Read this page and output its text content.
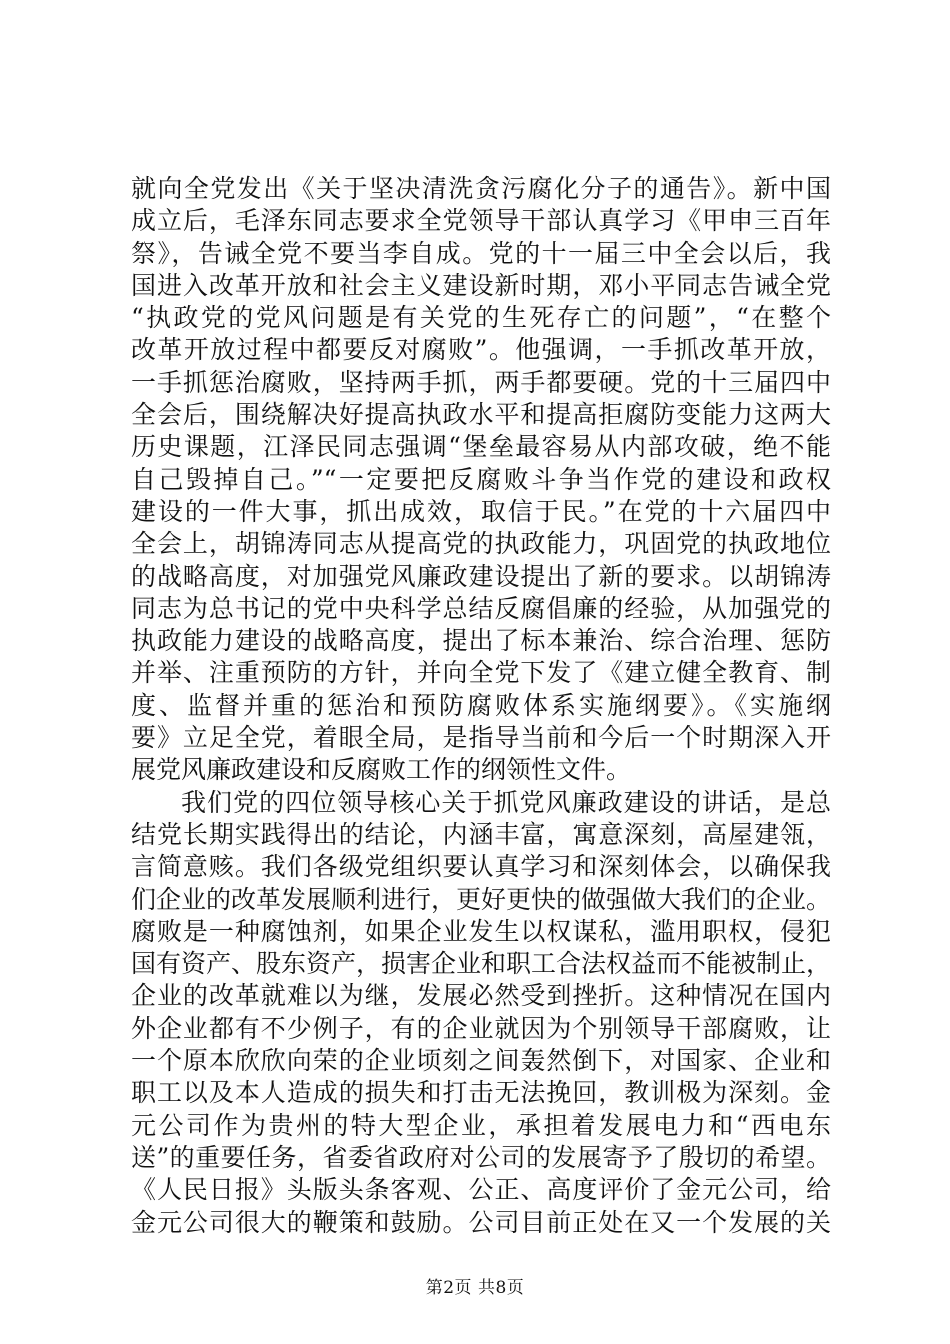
就向全党发出《关于坚决清洗贪污腐化分子的通告》。新中国
成立后，毛泽东同志要求全党领导干部认真学习《甲申三百年
祭》，告诫全党不要当李自成。党的十一届三中全会以后，我
国进入改革开放和社会主义建设新时期，邓小平同志告诫全党
“执政党的党风问题是有关党的生死存亡的问题”，“在整个
改革开放过程中都要反对腐败”。他强调，一手抓改革开放，
一手抓惩治腐败，坚持两手抓，两手都要硬。党的十三届四中
全会后，围绕解决好提高执政水平和提高拒腐防变能力这两大
历史课题，江泽民同志强调“堡垒最容易从内部攻破，绝不能
自己毁掉自己。”“一定要把反腐败斗争当作党的建设和政权
建设的一件大事，抓出成效，取信于民。”在党的十六届四中
全会上，胡锦涛同志从提高党的执政能力，巩固党的执政地位
的战略高度，对加强党风廉政建设提出了新的要求。以胡锦涛
同志为总书记的党中央科学总结反腐倡廉的经验，从加强党的
执政能力建设的战略高度，提出了标本兼治、综合治理、惩防
并举、注重预防的方针，并向全党下发了《建立健全教育、制
度、监督并重的惩治和预防腐败体系实施纲要》。《实施纲
要》立足全党，着眼全局，是指导当前和今后一个时期深入开
展党风廉政建设和反腐败工作的纲领性文件。
我们党的四位领导核心关于抓党风廉政建设的讲话，是总
结党长期实践得出的结论，内涵丰富，寓意深刻，高屋建瓴，
言简意赅。我们各级党组织要认真学习和深刻体会，以确保我
们企业的改革发展顺利进行，更好更快的做强做大我们的企业。
腐败是一种腐蚀剂，如果企业发生以权谋私，滥用职权，侵犯
国有资产、股东资产，损害企业和职工合法权益而不能被制止，
企业的改革就难以为继，发展必然受到挫折。这种情况在国内
外企业都有不少例子，有的企业就因为个别领导干部腐败，让
一个原本欣欣向荣的企业顷刻之间轰然倒下，对国家、企业和
职工以及本人造成的损失和打击无法挽回，教训极为深刻。金
元公司作为贵州的特大型企业，承担着发展电力和“西电东
送”的重要任务，省委省政府对公司的发展寄予了殷切的希望。
《人民日报》头版头条客观、公正、高度评价了金元公司，给
金元公司很大的鞭策和鼓励。公司目前正处在又一个发展的关
第2页 共8页
